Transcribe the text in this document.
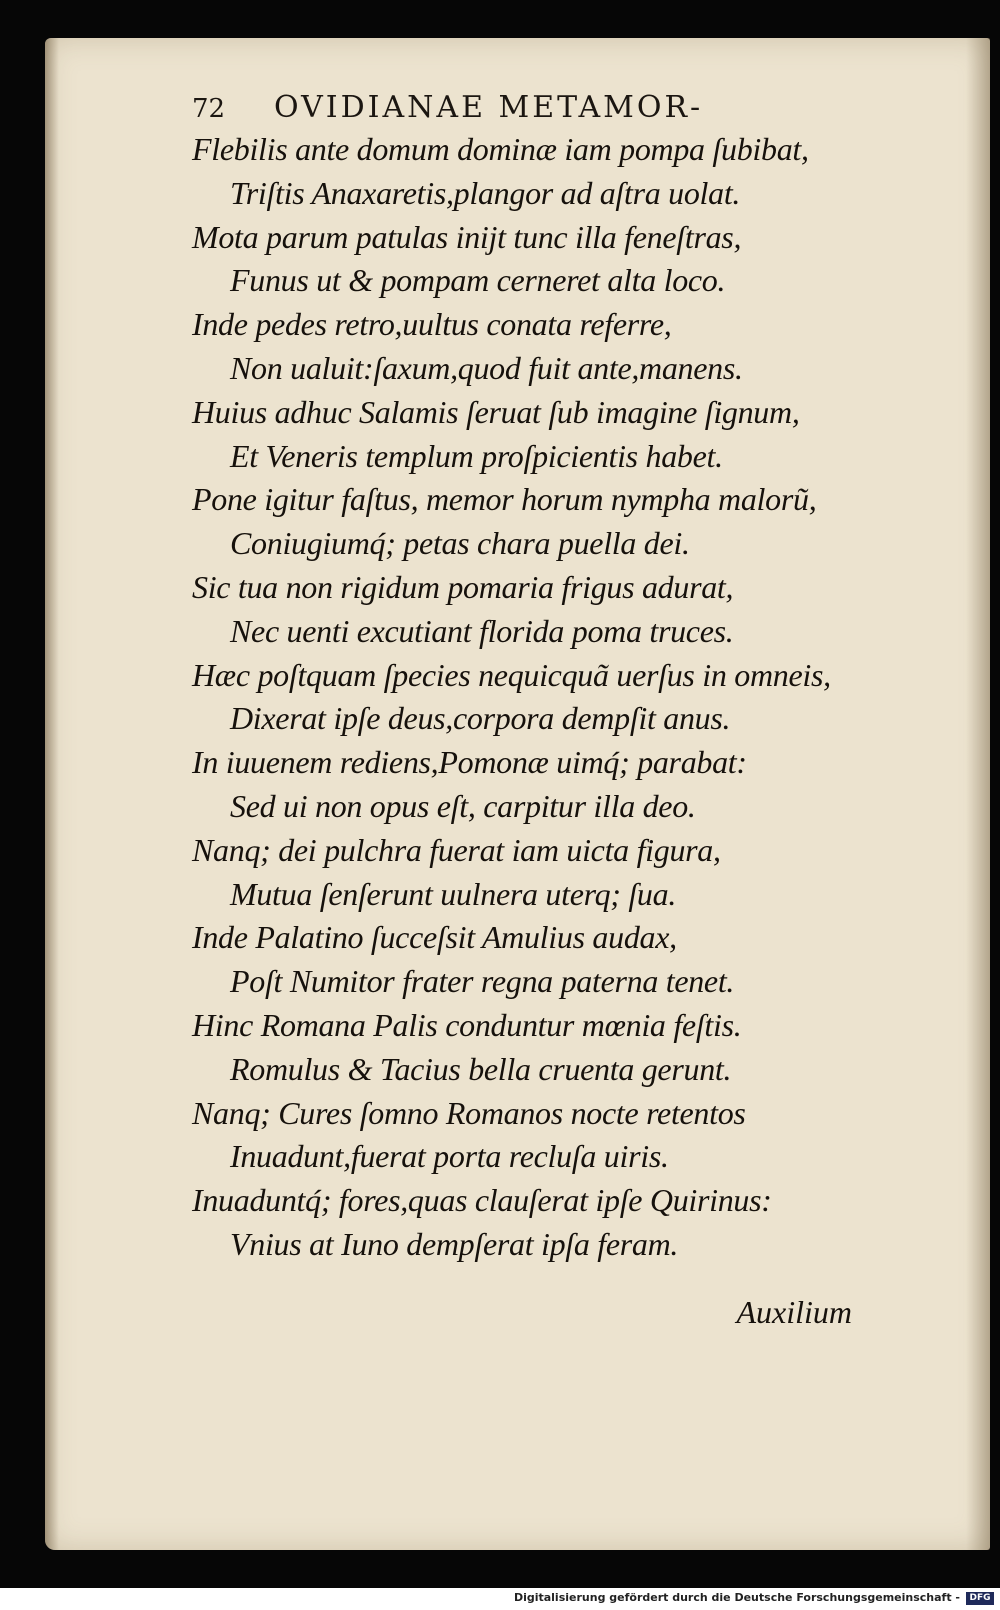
72 OVIDIANAE METAMOR-
Flebilis ante domum dominæ iam pompa ſubibat,
Triſtis Anaxaretis,plangor ad aſtra uolat.
Mota parum patulas iniјt tunc illa feneſtras,
Funus ut & pompam cerneret alta loco.
Inde pedes retro,uultus conata referre,
Non ualuit:ſaxum,quod fuit ante,manens.
Huius adhuc Salamis ſeruat ſub imagine ſignum,
Et Veneris templum proſpicientis habet.
Pone igitur faſtus, memor horum nympha malorũ,
Coniugiumq́; petas chara puella dei.
Sic tua non rigidum pomaria frigus adurat,
Nec uenti excutiant florida poma truces.
Hæc poſtquam ſpecies nequicquã uerſus in omneis,
Dixerat ipſe deus,corpora dempſit anus.
In iuuenem rediens,Pomonæ uimq́; parabat:
Sed ui non opus eſt, carpitur illa deo.
Nanq; dei pulchra fuerat iam uicta figura,
Mutua ſenſerunt uulnera uterq; ſua.
Inde Palatino ſucceſsit Amulius audax,
Poſt Numitor frater regna paterna tenet.
Hinc Romana Palis conduntur mœnia feſtis.
Romulus & Tacius bella cruenta gerunt.
Nanq; Cures ſomno Romanos nocte retentos
Inuadunt,fuerat porta recluſa uiris.
Inuaduntq́; fores,quas clauſerat ipſe Quirinus:
Vnius at Iuno dempſerat ipſa feram.
Auxilium
Digitalisierung gefördert durch die Deutsche Forschungsgemeinschaft -	DFG
